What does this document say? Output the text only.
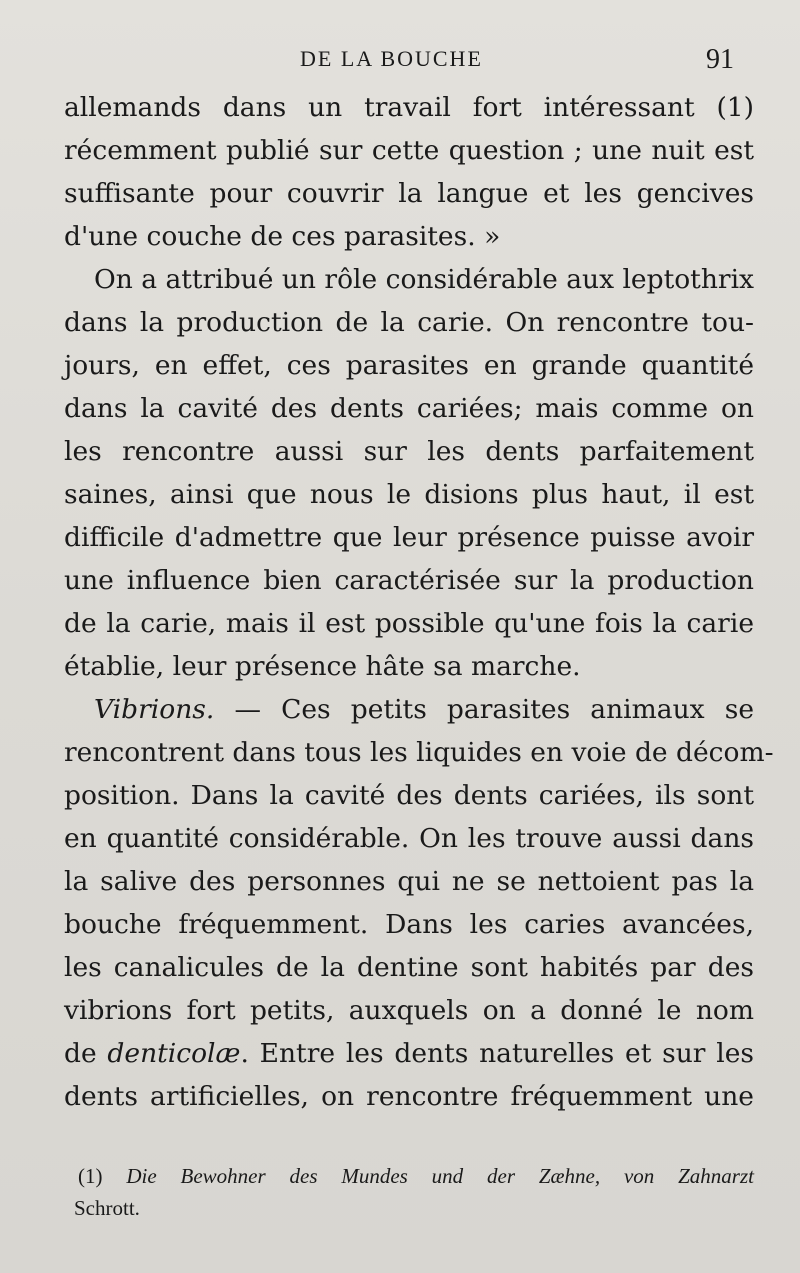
DE LA BOUCHE	91
allemands dans un travail fort intéressant (1)
récemment publié sur cette question ; une nuit est
suffisante pour couvrir la langue et les gencives
d'une couche de ces parasites. »
On a attribué un rôle considérable aux leptothrix
dans la production de la carie. On rencontre tou-
jours, en effet, ces parasites en grande quantité
dans la cavité des dents cariées; mais comme on
les rencontre aussi sur les dents parfaitement
saines, ainsi que nous le disions plus haut, il est
difficile d'admettre que leur présence puisse avoir
une influence bien caractérisée sur la production
de la carie, mais il est possible qu'une fois la carie
établie, leur présence hâte sa marche.
Vibrions. — Ces petits parasites animaux se
rencontrent dans tous les liquides en voie de décom-
position. Dans la cavité des dents cariées, ils sont
en quantité considérable. On les trouve aussi dans
la salive des personnes qui ne se nettoient pas la
bouche fréquemment. Dans les caries avancées,
les canalicules de la dentine sont habités par des
vibrions fort petits, auxquels on a donné le nom
de denticolæ. Entre les dents naturelles et sur les
dents artificielles, on rencontre fréquemment une
(1) Die Bewohner des Mundes und der Zæhne, von Zahnarzt
Schrott.
